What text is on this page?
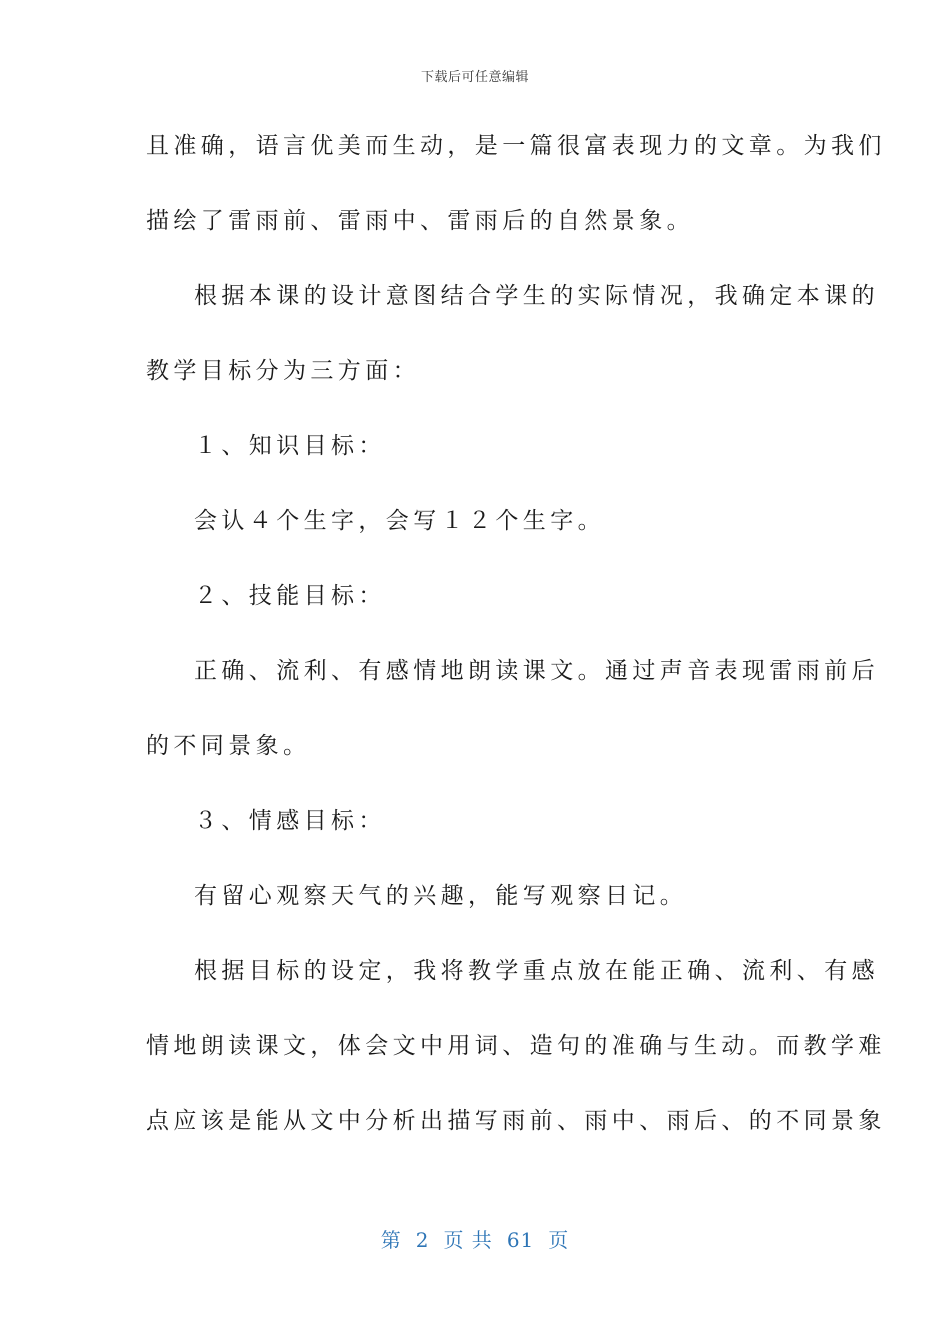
下载后可任意编辑
且准确，语言优美而生动，是一篇很富表现力的文章。为我们
描绘了雷雨前、雷雨中、雷雨后的自然景象。
根据本课的设计意图结合学生的实际情况，我确定本课的
教学目标分为三方面：
１、知识目标：
会认４个生字，会写１２个生字。
２、技能目标：
正确、流利、有感情地朗读课文。通过声音表现雷雨前后
的不同景象。
３、情感目标：
有留心观察天气的兴趣，能写观察日记。
根据目标的设定，我将教学重点放在能正确、流利、有感
情地朗读课文，体会文中用词、造句的准确与生动。而教学难
点应该是能从文中分析出描写雨前、雨中、雨后、的不同景象
第 2 页 共 61 页
